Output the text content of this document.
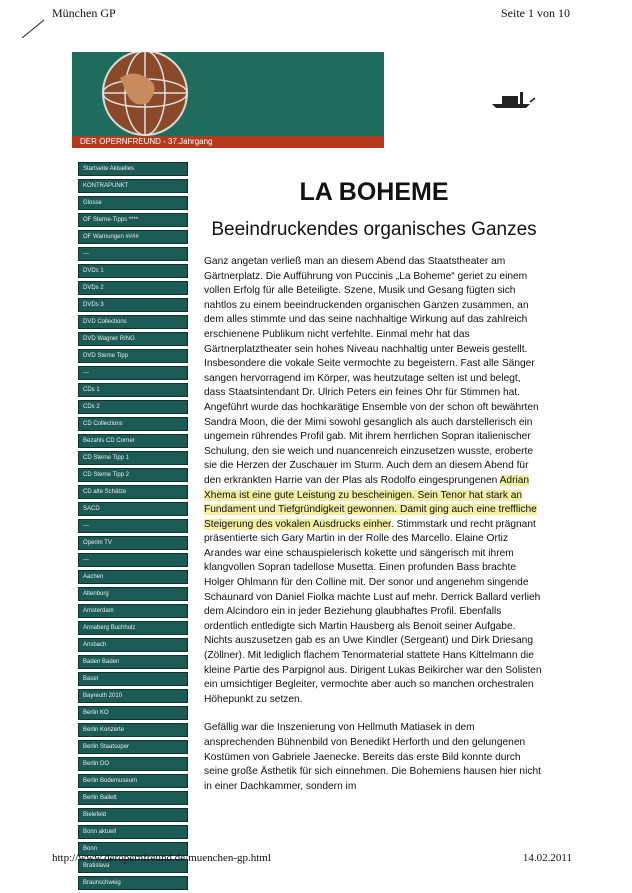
München GP	Seite 1 von 10
DER OPERNFREUND - 37.Jahrgang
Startseite Aktuelles
KONTRAPUNKT
Glosse
OF Sterne-Tipps ****
OF Warnungen ####
---
DVDs 1
DVDs 2
DVDs 3
DVD Collections
DVD Wagner RING
DVD Sterne Tipp
---
CDs 1
CDs 2
CD Collections
Bezahls CD Corner
CD Sterne Tipp 1
CD Sterne Tipp 2
CD alte Schätze
SACD
---
Operim TV
---
Aachen
Altenburg
Amsterdam
Annaberg Buchholz
Ansbach
Baden Baden
Basel
Bayreuth 2010
Berlin KO
Berlin Konzerte
Berlin Staatsoper
Berlin DO
Berlin Bodemuseum
Berlin Ballett
Bielefeld
Bonn aktuell
Bonn
Bratislava
Braunschweig
LA BOHEME
Beeindruckendes organisches Ganzes

Ganz angetan verließ man an diesem Abend das Staatstheater am Gärtnerplatz. Die Aufführung von Puccinis „La Boheme“ geriet zu einem vollen Erfolg für alle Beteiligte. Szene, Musik und Gesang fügten sich nahtlos zu einem beeindruckenden organischen Ganzen zusammen, an dem alles stimmte und das seine nachhaltige Wirkung auf das zahlreich erschienene Publikum nicht verfehlte. Einmal mehr hat das Gärtnerplatztheater sein hohes Niveau nachhaltig unter Beweis gestellt. Insbesondere die vokale Seite vermochte zu begeistern. Fast alle Sänger sangen hervorragend im Körper, was heutzutage selten ist und belegt, dass Staatsintendant Dr. Ulrich Peters ein feines Ohr für Stimmen hat. Angeführt wurde das hochkarätige Ensemble von der schon oft bewährten Sandra Moon, die der Mimi sowohl gesanglich als auch darstellerisch ein ungemein rührendes Profil gab. Mit ihrem herrlichen Sopran italienischer Schulung, den sie weich und nuancenreich einzusetzen wusste, eroberte sie die Herzen der Zuschauer im Sturm. Auch dem an diesem Abend für den erkrankten Harrie van der Plas als Rodolfo eingesprungenen Adrian Xhema ist eine gute Leistung zu bescheinigen. Sein Tenor hat stark an Fundament und Tiefgründigkeit gewonnen. Damit ging auch eine treffliche Steigerung des vokalen Ausdrucks einher. Stimmstark und recht prägnant präsentierte sich Gary Martin in der Rolle des Marcello. Elaine Ortiz Arandes war eine schauspielerisch kokette und sängerisch mit ihrem klangvollen Sopran tadellose Musetta. Einen profunden Bass brachte Holger Ohlmann für den Colline mit. Der sonor und angenehm singende Schaunard von Daniel Fiolka machte Lust auf mehr. Derrick Ballard verlieh dem Alcindoro ein in jeder Beziehung glaubhaftes Profil. Ebenfalls ordentlich entledigte sich Martin Hausberg als Benoit seiner Aufgabe. Nichts auszusetzen gab es an Uwe Kindler (Sergeant) und Dirk Driesang (Zöllner). Mit lediglich flachem Tenormaterial stattete Hans Kittelmann die kleine Partie des Parpignol aus. Dirigent Lukas Beikircher war den Solisten ein umsichtiger Begleiter, vermochte aber auch so manchen orchestralen Höhepunkt zu setzen.

Gefällig war die Inszenierung von Hellmuth Matiasek in dem ansprechenden Bühnenbild von Benedikt Herforth und den gelungenen Kostümen von Gabriele Jaenecke. Bereits das erste Bild konnte durch seine große Ästhetik für sich einnehmen. Die Bohemiens hausen hier nicht in einer Dachkammer, sondern im

http://www.deropernfreund.de/muenchen-gp.html	14.02.2011
